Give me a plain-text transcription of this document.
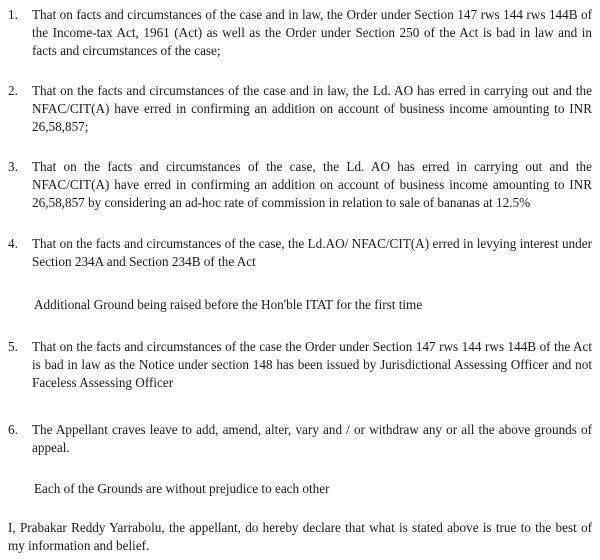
1.	That on facts and circumstances of the case and in law, the Order under Section 147 rws 144 rws 144B of the Income-tax Act, 1961 (Act) as well as the Order under Section 250 of the Act is bad in law and in facts and circumstances of the case;
2.	That on the facts and circumstances of the case and in law, the Ld. AO has erred in carrying out and the NFAC/CIT(A) have erred in confirming an addition on account of business income amounting to INR 26,58,857;
3.	That on the facts and circumstances of the case, the Ld. AO has erred in carrying out and the NFAC/CIT(A) have erred in confirming an addition on account of business income amounting to INR 26,58,857 by considering an ad-hoc rate of commission in relation to sale of bananas at 12.5%
4.	That on the facts and circumstances of the case, the Ld.AO/ NFAC/CIT(A) erred in levying interest under Section 234A and Section 234B of the Act
Additional Ground being raised before the Hon'ble ITAT for the first time
5.	That on the facts and circumstances of the case the Order under Section 147 rws 144 rws 144B of the Act is bad in law as the Notice under section 148 has been issued by Jurisdictional Assessing Officer and not Faceless Assessing Officer
6.	The Appellant craves leave to add, amend, alter, vary and / or withdraw any or all the above grounds of appeal.
Each of the Grounds are without prejudice to each other
I, Prabakar Reddy Yarrabolu, the appellant, do hereby declare that what is stated above is true to the best of my information and belief.
